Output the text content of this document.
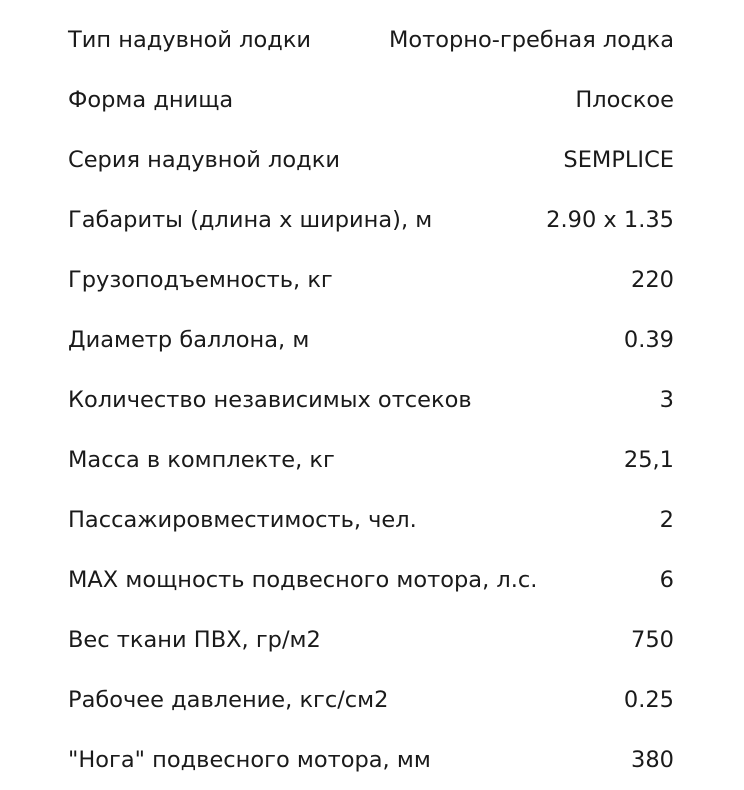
Тип надувной лодки	Моторно-гребная лодка
Форма днища	Плоское
Серия надувной лодки	SEMPLICE
Габариты (длина х ширина), м	2.90 х 1.35
Грузоподъемность, кг	220
Диаметр баллона, м	0.39
Количество независимых отсеков	3
Масса в комплекте, кг	25,1
Пассажировместимость, чел.	2
MAX мощность подвесного мотора, л.с.	6
Вес ткани ПВХ, гр/м2	750
Рабочее давление, кгс/см2	0.25
"Нога" подвесного мотора, мм	380
